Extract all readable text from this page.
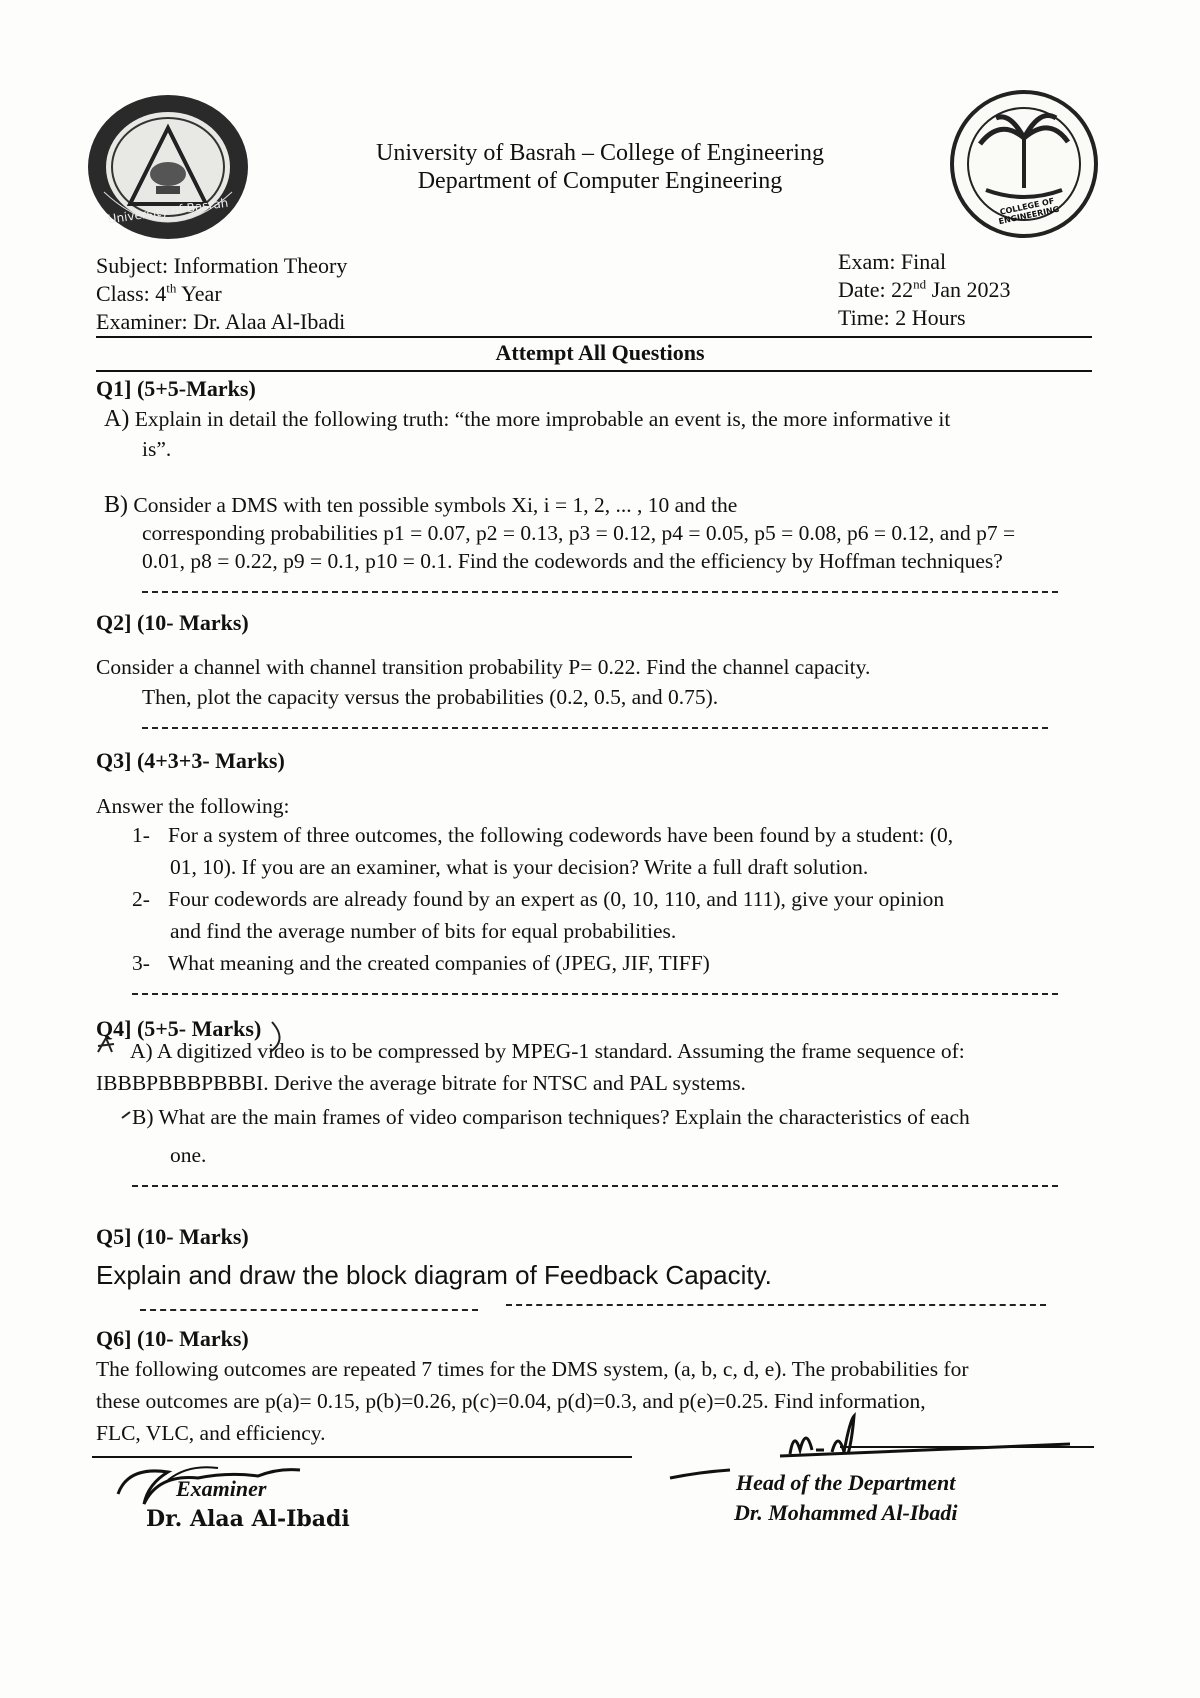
University of Basrah	COLLEGE OF ENGINEERING
University of Basrah – College of Engineering
Department of Computer Engineering
Subject: Information Theory
Class: 4th Year
Examiner: Dr. Alaa Al-Ibadi
Exam: Final
Date: 22nd Jan 2023
Time: 2 Hours
Attempt All Questions
Q1] (5+5-Marks)
A) Explain in detail the following truth: “the more improbable an event is, the more informative it
is”.
B) Consider a DMS with ten possible symbols Xi, i = 1, 2, ... , 10 and the
corresponding probabilities p1 = 0.07, p2 = 0.13, p3 = 0.12, p4 = 0.05, p5 = 0.08, p6 = 0.12, and p7 =
0.01, p8 = 0.22, p9 = 0.1, p10 = 0.1. Find the codewords and the efficiency by Hoffman techniques?
Q2] (10- Marks)
Consider a channel with channel transition probability P= 0.22. Find the channel capacity.
Then, plot the capacity versus the probabilities (0.2, 0.5, and 0.75).
Q3] (4+3+3- Marks)
Answer the following:
1- For a system of three outcomes, the following codewords have been found by a student: (0,
01, 10). If you are an examiner, what is your decision? Write a full draft solution.
2- Four codewords are already found by an expert as (0, 10, 110, and 111), give your opinion
and find the average number of bits for equal probabilities.
3- What meaning and the created companies of (JPEG, JIF, TIFF)
Q4] (5+5- Marks)
A) A digitized video is to be compressed by MPEG-1 standard. Assuming the frame sequence of:
IBBBPBBBPBBBI. Derive the average bitrate for NTSC and PAL systems.
B) What are the main frames of video comparison techniques? Explain the characteristics of each
one.
Q5] (10- Marks)
Explain and draw the block diagram of Feedback Capacity.
Q6] (10- Marks)
The following outcomes are repeated 7 times for the DMS system, (a, b, c, d, e). The probabilities for
these outcomes are p(a)= 0.15, p(b)=0.26, p(c)=0.04, p(d)=0.3, and p(e)=0.25. Find information,
FLC, VLC, and efficiency.
Examiner
Dr. Alaa Al-Ibadi
Head of the Department
Dr. Mohammed Al-Ibadi
